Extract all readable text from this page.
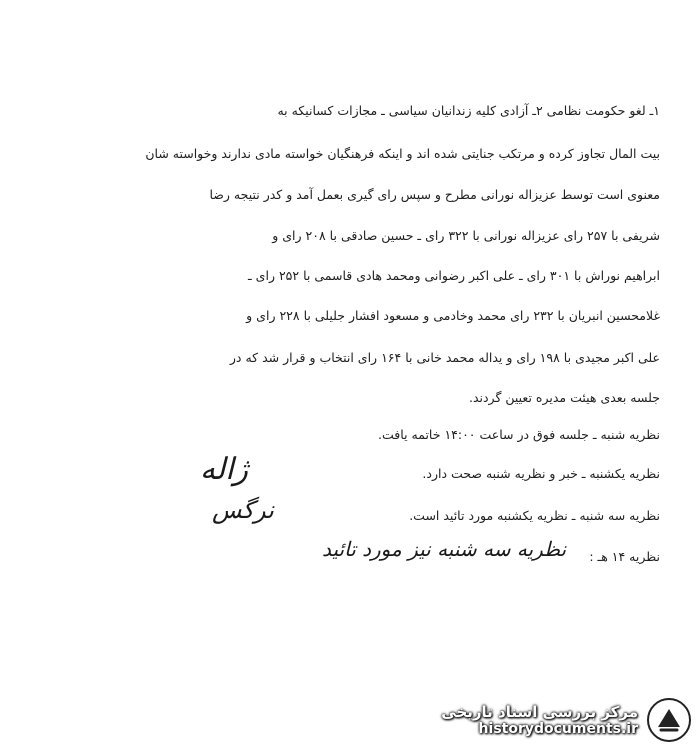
۱ـ لغو حکومت نظامی ۲ـ آزادی کلیه زندانیان سیاسی ـ مجازات کسانیکه به
بیت المال تجاوز کرده و مرتکب جنایتی شده اند و اینکه فرهنگیان خواسته مادی ندارند وخواسته شان
معنوی است توسط عزیزاله نورانی مطرح و سپس رای گیری بعمل آمد و کدر نتیجه رضا
شریفی با ۲۵۷ رای عزیزاله نورانی با ۳۲۲ رای ـ حسین صادقی با ۲۰۸ رای و
ابراهیم نوراش با ۳۰۱ رای ـ علی اکبر رضوانی ومحمد هادی قاسمی با ۲۵۲ رای ـ
غلامحسین انبریان با ۲۳۲ رای محمد وخادمی و مسعود افشار جلیلی با ۲۲۸ رای و
علی اکبر مجیدی با ۱۹۸ رای و یداله محمد خانی با ۱۶۴ رای انتخاب و قرار شد که در
جلسه بعدی هیئت مدیره تعیین گردند.
نظریه شنبه ـ جلسه فوق در ساعت ۱۴:۰۰ خاتمه یافت.
نظریه یکشنبه ـ خبر و نظریه شنبه صحت دارد.
نظریه سه شنبه ـ نظریه یکشنبه مورد تائید است.
نظریه ۱۴ هـ :
ژاله
نرگس
نظریه سه شنبه نیز مورد تائید
مرکز بررسی اسناد تاریخی
historydocuments.ir
